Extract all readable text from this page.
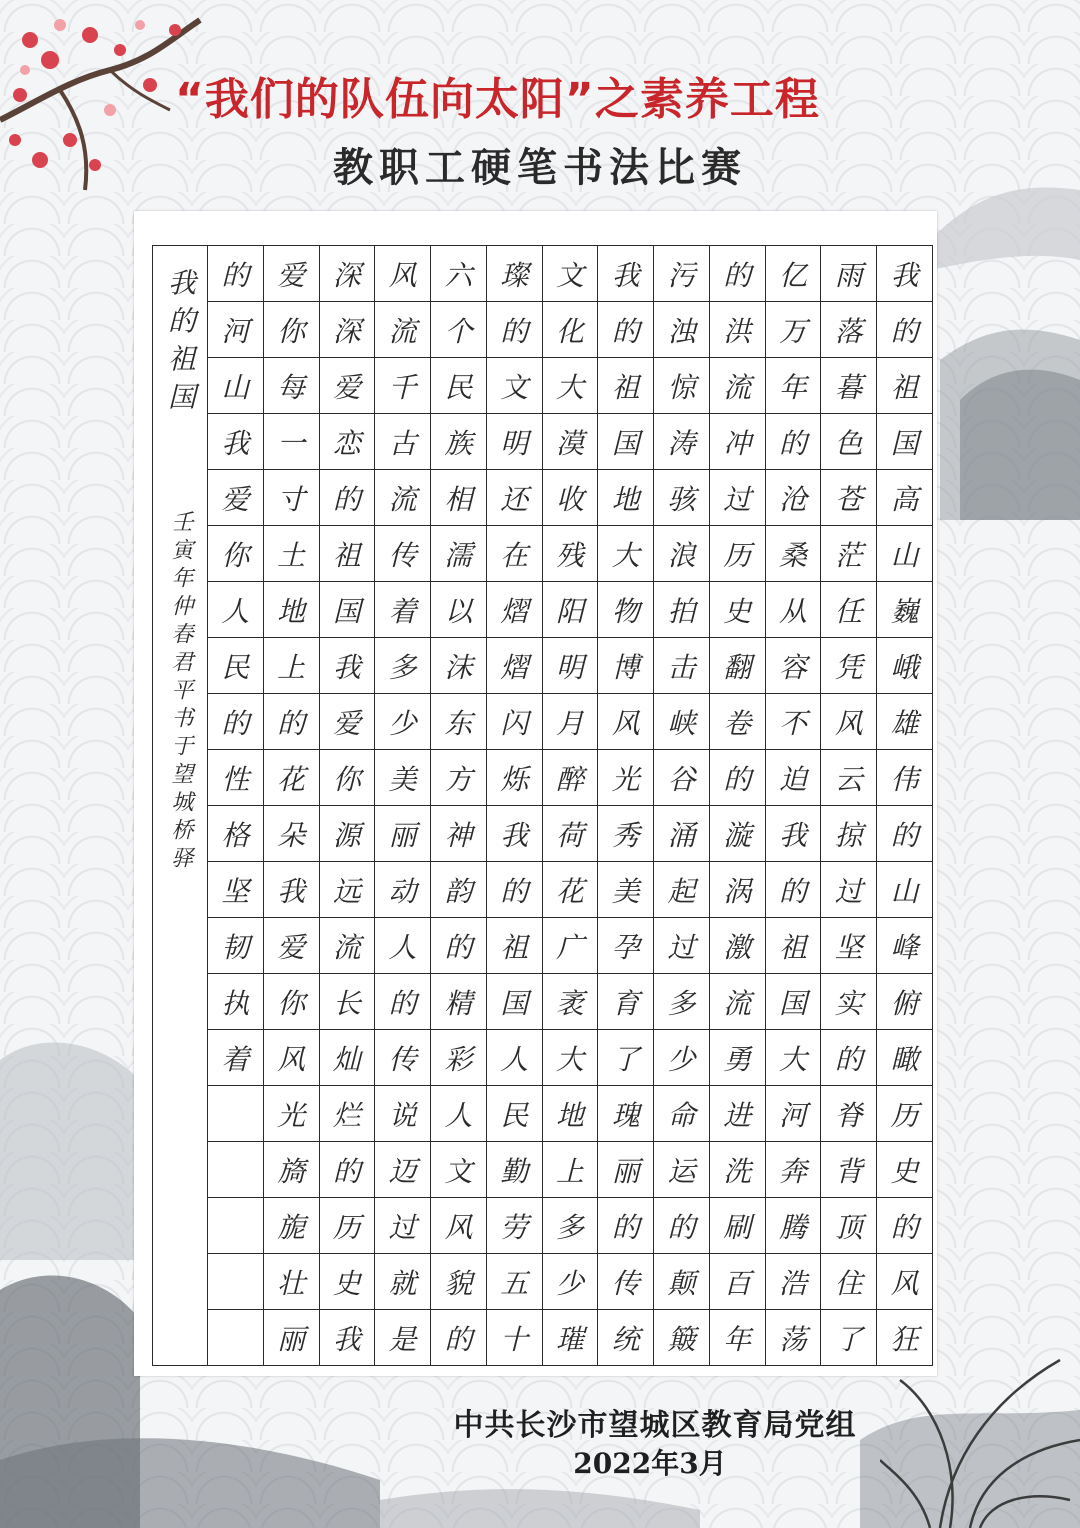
“我们的队伍向太阳”之素养工程
教职工硬笔书法比赛
我的祖国
壬寅年仲春君平书于望城桥驿	的	爱	深	风	六	璨	文	我	污	的	亿	雨	我
	河	你	深	流	个	的	化	的	浊	洪	万	落	的
	山	每	爱	千	民	文	大	祖	惊	流	年	暮	祖
	我	一	恋	古	族	明	漠	国	涛	冲	的	色	国
	爱	寸	的	流	相	还	收	地	骇	过	沧	苍	高
	你	土	祖	传	濡	在	残	大	浪	历	桑	茫	山
	人	地	国	着	以	熠	阳	物	拍	史	从	任	巍
	民	上	我	多	沫	熠	明	博	击	翻	容	凭	峨
	的	的	爱	少	东	闪	月	风	峡	卷	不	风	雄
	性	花	你	美	方	烁	醉	光	谷	的	迫	云	伟
	格	朵	源	丽	神	我	荷	秀	涌	漩	我	掠	的
	坚	我	远	动	韵	的	花	美	起	涡	的	过	山
	韧	爱	流	人	的	祖	广	孕	过	激	祖	坚	峰
	执	你	长	的	精	国	袤	育	多	流	国	实	俯
	着	风	灿	传	彩	人	大	了	少	勇	大	的	瞰
		光	烂	说	人	民	地	瑰	命	进	河	脊	历
		旖	的	迈	文	勤	上	丽	运	洗	奔	背	史
		旎	历	过	风	劳	多	的	的	刷	腾	顶	的
		壮	史	就	貌	五	少	传	颠	百	浩	住	风
		丽	我	是	的	十	璀	统	簸	年	荡	了	狂
中共长沙市望城区教育局党组
2022年3月
